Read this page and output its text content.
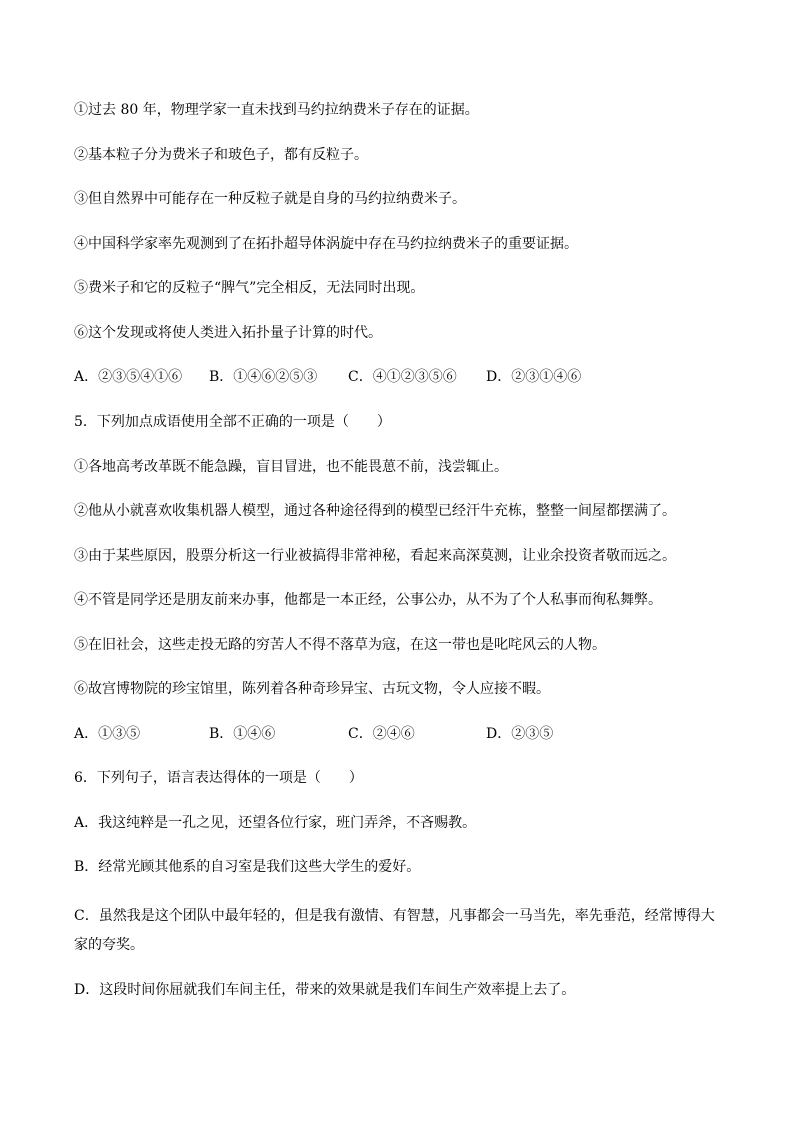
①过去 80 年，物理学家一直未找到马约拉纳费米子存在的证据。
②基本粒子分为费米子和玻色子，都有反粒子。
③但自然界中可能存在一种反粒子就是自身的马约拉纳费米子。
④中国科学家率先观测到了在拓扑超导体涡旋中存在马约拉纳费米子的重要证据。
⑤费米子和它的反粒子“脾气”完全相反，无法同时出现。
⑥这个发现或将使人类进入拓扑量子计算的时代。
A．②③⑤④①⑥ B．①④⑥②⑤③ C．④①②③⑤⑥ D．②③①④⑥
5．下列加点成语使用全部不正确的一项是（　　）
①各地高考改革既不能急躁，盲目冒进，也不能畏葸不前，浅尝辄止。
②他从小就喜欢收集机器人模型，通过各种途径得到的模型已经汗牛充栋，整整一间屋都摆满了。
③由于某些原因，股票分析这一行业被搞得非常神秘，看起来高深莫测，让业余投资者敬而远之。
④不管是同学还是朋友前来办事，他都是一本正经，公事公办，从不为了个人私事而徇私舞弊。
⑤在旧社会，这些走投无路的穷苦人不得不落草为寇，在这一带也是叱咤风云的人物。
⑥故宫博物院的珍宝馆里，陈列着各种奇珍异宝、古玩文物，令人应接不暇。
A．①③⑤	B．①④⑥	C．②④⑥	D．②③⑤
6．下列句子，语言表达得体的一项是（　　）
A．我这纯粹是一孔之见，还望各位行家，班门弄斧，不吝赐教。
B．经常光顾其他系的自习室是我们这些大学生的爱好。
C．虽然我是这个团队中最年轻的，但是我有激情、有智慧，凡事都会一马当先，率先垂范，经常博得大家的夸奖。
D．这段时间你屈就我们车间主任，带来的效果就是我们车间生产效率提上去了。
